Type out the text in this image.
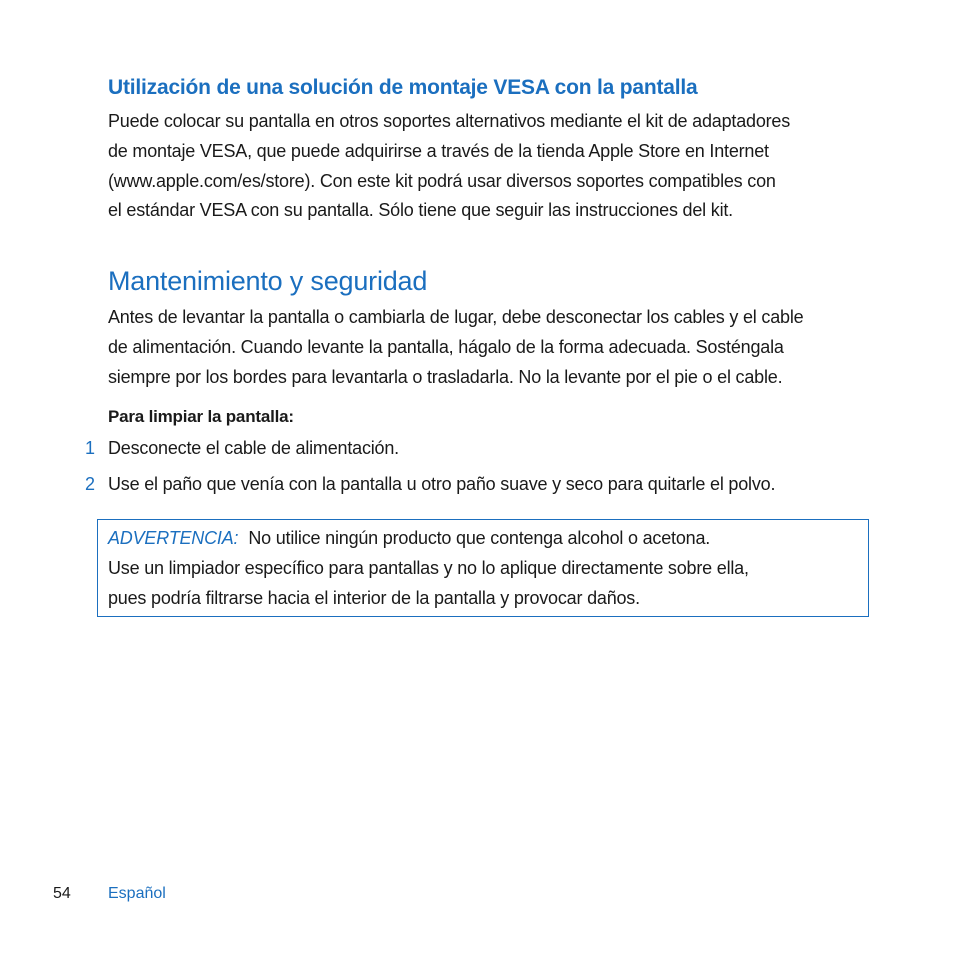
Utilización de una solución de montaje VESA con la pantalla
Puede colocar su pantalla en otros soportes alternativos mediante el kit de adaptadores
de montaje VESA, que puede adquirirse a través de la tienda Apple Store en Internet
(www.apple.com/es/store). Con este kit podrá usar diversos soportes compatibles con
el estándar VESA con su pantalla. Sólo tiene que seguir las instrucciones del kit.
Mantenimiento y seguridad
Antes de levantar la pantalla o cambiarla de lugar, debe desconectar los cables y el cable
de alimentación. Cuando levante la pantalla, hágalo de la forma adecuada. Sosténgala
siempre por los bordes para levantarla o trasladarla. No la levante por el pie o el cable.
Para limpiar la pantalla:
1 Desconecte el cable de alimentación.
2 Use el paño que venía con la pantalla u otro paño suave y seco para quitarle el polvo.
ADVERTENCIA: No utilice ningún producto que contenga alcohol o acetona.
Use un limpiador específico para pantallas y no lo aplique directamente sobre ella,
pues podría filtrarse hacia el interior de la pantalla y provocar daños.
54 Español
